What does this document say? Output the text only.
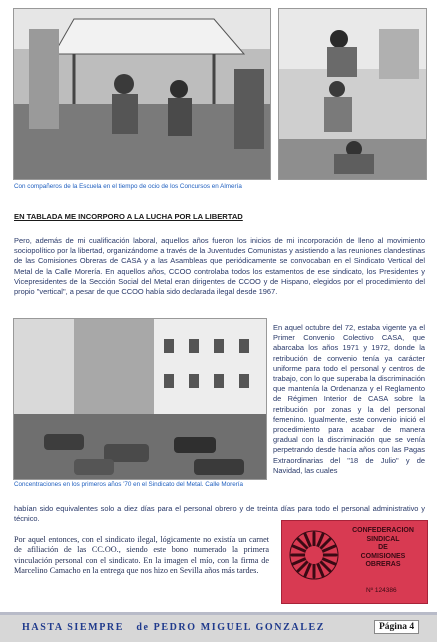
Con compañeros de la Escuela en el tiempo de ocio de los Concursos en Almería
EN TABLADA ME INCORPORO A LA LUCHA POR LA LIBERTAD
Pero, además de mi cualificación laboral, aquellos años fueron los inicios de mi incorporación de lleno al movimiento sociopolítico por la libertad, organizándome a través de la Juventudes Comunistas y asistiendo a las reuniones clandestinas de las Comisiones Obreras de CASA y a las Asambleas que periódicamente se convocaban en el Sindicato Vertical del Metal de la Calle Morería. En aquellos años, CCOO controlaba todos los estamentos de ese sindicato, los Presidentes y Vicepresidentes de la Sección Social del Metal eran dirigentes de CCOO y de Hispano, elegidos por el procedimiento del propio "vertical", a pesar de que CCOO había sido declarada ilegal desde 1967.
Concentraciones en los primeros años '70 en el Sindicato del Metal. Calle Morería
En aquel octubre del 72, estaba vigente ya el Primer Convenio Colectivo CASA, que abarcaba los años 1971 y 1972, donde la retribución de convenio tenía ya carácter uniforme para todo el personal y centros de trabajo, con lo que superaba la discriminación que mantenía la Ordenanza y el Reglamento de Régimen Interior de CASA sobre la retribución por zonas y la del personal femenino. Igualmente, este convenio inició el procedimiento para acabar de manera gradual con la discriminación que se venía perpetrando desde hacía años con las Pagas Extraordinarias del "18 de Julio" y de Navidad, las cuales
habían sido equivalentes solo a diez días para el personal obrero y de treinta días para todo el personal administrativo y técnico.
Por aquel entonces, con el sindicato ilegal, lógicamente no existía un carnet de afiliación de las CC.OO., siendo este bono numerado la primera vinculación personal con el sindicato. En la imagen el mío, con la firma de Marcelino Camacho en la entrega que nos hizo en Sevilla años más tardes.
CONFEDERACION
SINDICAL
DE
COMISIONES
OBRERAS
Nº 124386
HASTA SIEMPRE   de PEDRO MIGUEL GONZALEZ	Página 4
